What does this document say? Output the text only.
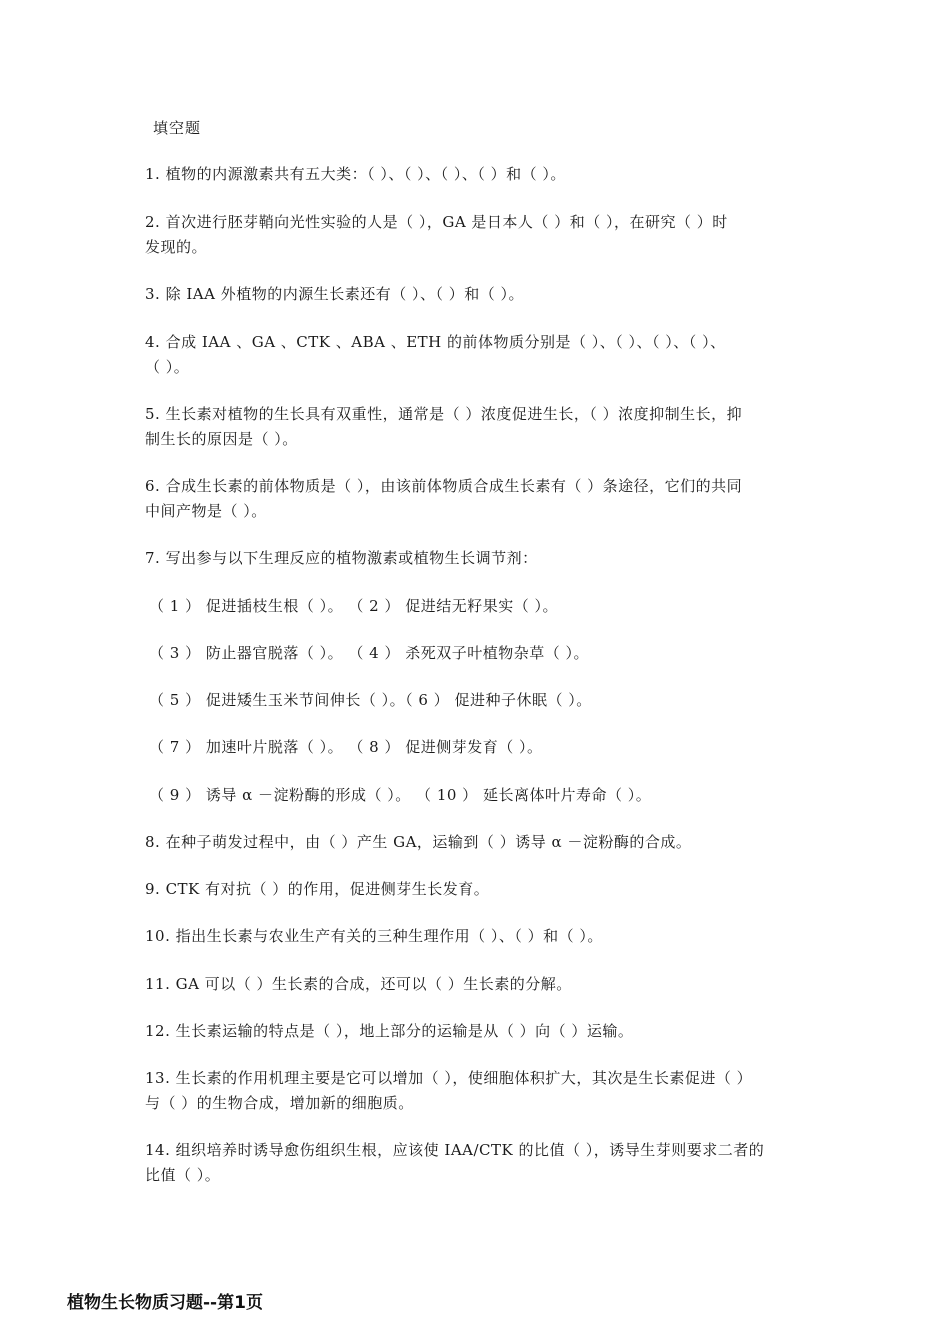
填空题
1. 植物的内源激素共有五大类：（ ）、（ ）、（ ）、（ ）和（ ）。
2. 首次进行胚芽鞘向光性实验的人是（ ），GA 是日本人（ ）和（ ），在研究（ ）时
发现的。
3. 除 IAA 外植物的内源生长素还有（ ）、（ ）和（ ）。
4. 合成 IAA 、GA 、CTK 、ABA 、ETH 的前体物质分别是（ ）、（ ）、（ ）、（ ）、
（ ）。
5. 生长素对植物的生长具有双重性，通常是（ ）浓度促进生长，（ ）浓度抑制生长，抑
制生长的原因是（ ）。
6. 合成生长素的前体物质是（ ），由该前体物质合成生长素有（ ）条途径，它们的共同
中间产物是（ ）。
7. 写出参与以下生理反应的植物激素或植物生长调节剂：
（ 1 ） 促进插枝生根（ ）。 （ 2 ） 促进结无籽果实（ ）。
（ 3 ） 防止器官脱落（ ）。 （ 4 ） 杀死双子叶植物杂草（ ）。
（ 5 ） 促进矮生玉米节间伸长（ ）。（ 6 ） 促进种子休眠（ ）。
（ 7 ） 加速叶片脱落（ ）。 （ 8 ） 促进侧芽发育（ ）。
（ 9 ） 诱导 α －淀粉酶的形成（ ）。 （ 10 ） 延长离体叶片寿命（ ）。
8. 在种子萌发过程中，由（ ）产生 GA，运输到（ ）诱导 α －淀粉酶的合成。
9. CTK 有对抗（ ）的作用，促进侧芽生长发育。
10. 指出生长素与农业生产有关的三种生理作用（ ）、（ ）和（ ）。
11. GA 可以（ ）生长素的合成，还可以（ ）生长素的分解。
12. 生长素运输的特点是（ ），地上部分的运输是从（ ）向（ ）运输。
13. 生长素的作用机理主要是它可以增加（ ），使细胞体积扩大，其次是生长素促进（ ）
与（ ）的生物合成，增加新的细胞质。
14. 组织培养时诱导愈伤组织生根，应该使 IAA/CTK 的比值（ ），诱导生芽则要求二者的
比值（ ）。
植物生长物质习题--第1页
